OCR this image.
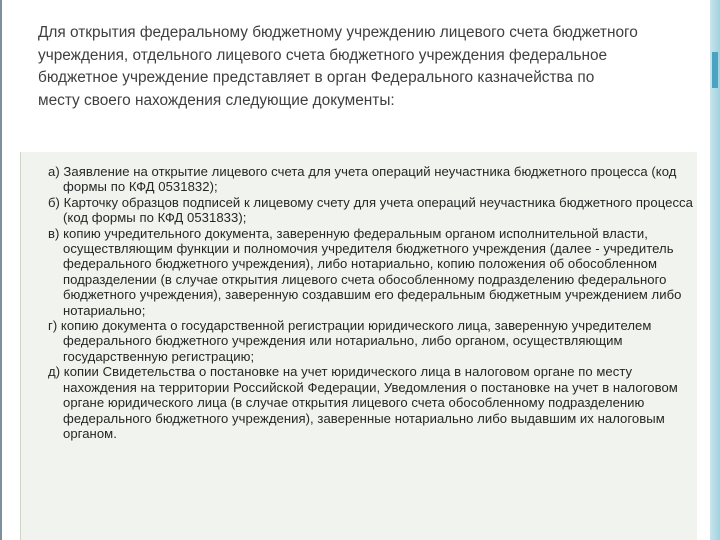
Для открытия федеральному бюджетному учреждению лицевого счета бюджетного учреждения, отдельного лицевого счета бюджетного учреждения федеральное бюджетное учреждение представляет в орган Федерального казначейства по месту своего нахождения следующие документы:

а) Заявление на открытие лицевого счета для учета операций неучастника бюджетного процесса (код формы по КФД 0531832);
б) Карточку образцов подписей к лицевому счету для учета операций неучастника бюджетного процесса (код формы по КФД 0531833);
в) копию учредительного документа, заверенную федеральным органом исполнительной власти, осуществляющим функции и полномочия учредителя бюджетного учреждения (далее - учредитель федерального бюджетного учреждения), либо нотариально, копию положения об обособленном подразделении (в случае открытия лицевого счета обособленному подразделению федерального бюджетного учреждения), заверенную создавшим его федеральным бюджетным учреждением либо нотариально;
г) копию документа о государственной регистрации юридического лица, заверенную учредителем федерального бюджетного учреждения или нотариально, либо органом, осуществляющим государственную регистрацию;
д) копии Свидетельства о постановке на учет юридического лица в налоговом органе по месту нахождения на территории Российской Федерации, Уведомления о постановке на учет в налоговом органе юридического лица (в случае открытия лицевого счета обособленному подразделению федерального бюджетного учреждения), заверенные нотариально либо выдавшим их налоговым органом.
